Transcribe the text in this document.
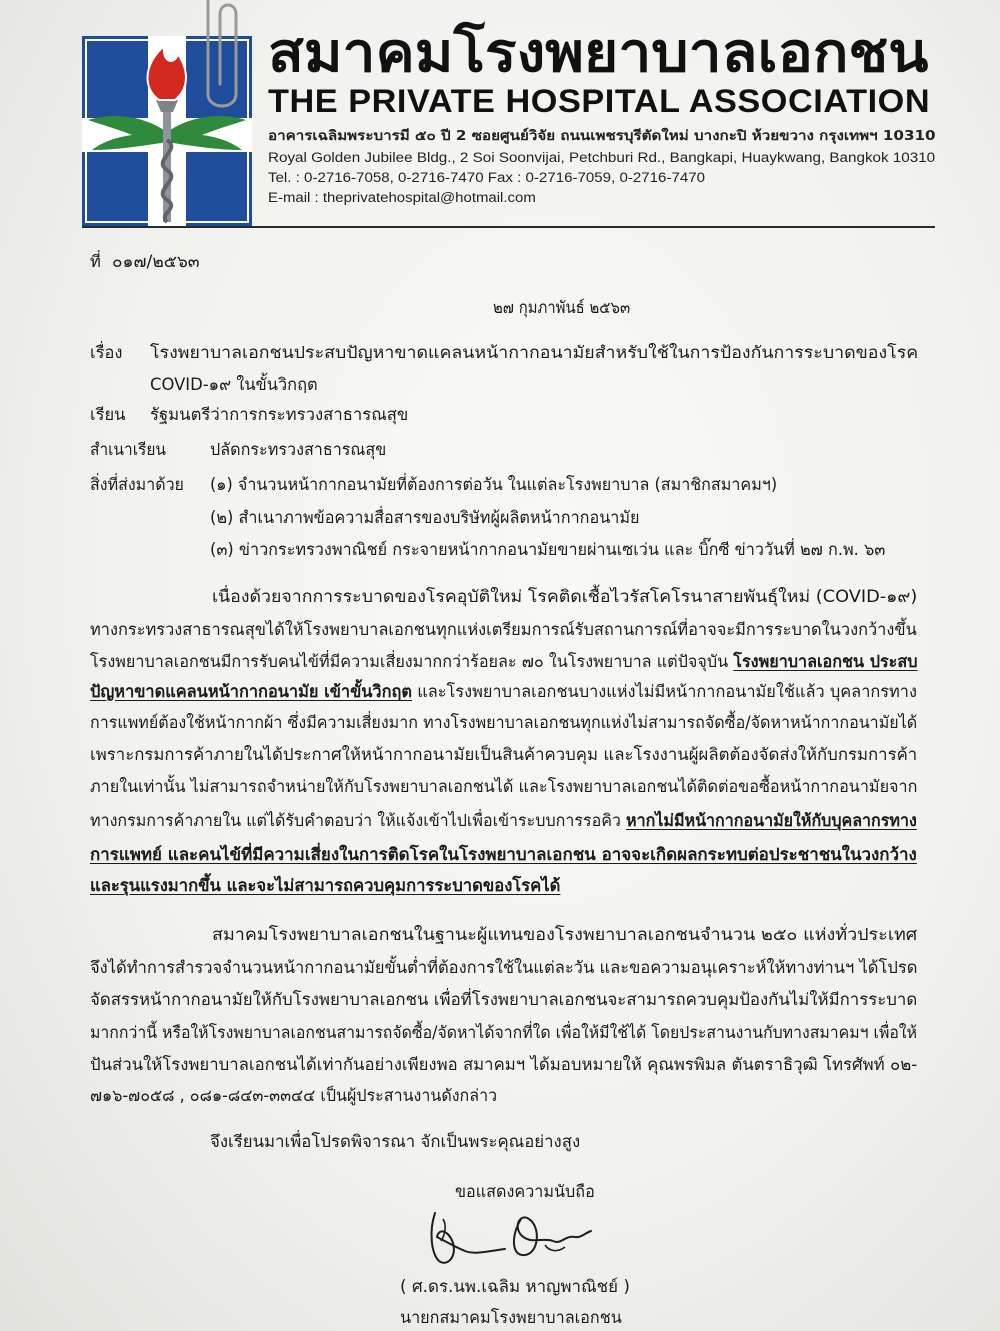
สมาคมโรงพยาบาลเอกชน
THE PRIVATE HOSPITAL ASSOCIATION
อาคารเฉลิมพระบารมี ๕๐ ปี 2 ซอยศูนย์วิจัย ถนนเพชรบุรีตัดใหม่ บางกะปิ ห้วยขวาง กรุงเทพฯ 10310
Royal Golden Jubilee Bldg., 2 Soi Soonvijai, Petchburi Rd., Bangkapi, Huaykwang, Bangkok 10310
Tel. : 0-2716-7058, 0-2716-7470 Fax : 0-2716-7059, 0-2716-7470
E-mail : theprivatehospital@hotmail.com
ที่ ๐๑๗/๒๕๖๓
๒๗ กุมภาพันธ์ ๒๕๖๓
เรื่อง	โรงพยาบาลเอกชนประสบปัญหาขาดแคลนหน้ากากอนามัยสำหรับใช้ในการป้องกันการระบาดของโรค
COVID-๑๙ ในขั้นวิกฤต
เรียน รัฐมนตรีว่าการกระทรวงสาธารณสุข
สำเนาเรียน	ปลัดกระทรวงสาธารณสุข
สิ่งที่ส่งมาด้วย (๑) จำนวนหน้ากากอนามัยที่ต้องการต่อวัน ในแต่ละโรงพยาบาล (สมาชิกสมาคมฯ)
(๒) สำเนาภาพข้อความสื่อสารของบริษัทผู้ผลิตหน้ากากอนามัย
(๓) ข่าวกระทรวงพาณิชย์ กระจายหน้ากากอนามัยขายผ่านเซเว่น และ บิ๊กซี ข่าววันที่ ๒๗ ก.พ. ๖๓
เนื่องด้วยจากการระบาดของโรคอุบัติใหม่ โรคติดเชื้อไวรัสโคโรนาสายพันธุ์ใหม่ (COVID-๑๙)
ทางกระทรวงสาธารณสุขได้ให้โรงพยาบาลเอกชนทุกแห่งเตรียมการณ์รับสถานการณ์ที่อาจจะมีการระบาดในวงกว้างขึ้น
โรงพยาบาลเอกชนมีการรับคนไข้ที่มีความเสี่ยงมากกว่าร้อยละ ๗๐ ในโรงพยาบาล แต่ปัจจุบัน โรงพยาบาลเอกชน ประสบ
ปัญหาขาดแคลนหน้ากากอนามัย เข้าขั้นวิกฤต และโรงพยาบาลเอกชนบางแห่งไม่มีหน้ากากอนามัยใช้แล้ว บุคลากรทาง
การแพทย์ต้องใช้หน้ากากผ้า ซึ่งมีความเสี่ยงมาก ทางโรงพยาบาลเอกชนทุกแห่งไม่สามารถจัดซื้อ/จัดหาหน้ากากอนามัยได้
เพราะกรมการค้าภายในได้ประกาศให้หน้ากากอนามัยเป็นสินค้าควบคุม และโรงงานผู้ผลิตต้องจัดส่งให้กับกรมการค้า
ภายในเท่านั้น ไม่สามารถจำหน่ายให้กับโรงพยาบาลเอกชนได้ และโรงพยาบาลเอกชนได้ติดต่อขอซื้อหน้ากากอนามัยจาก
ทางกรมการค้าภายใน แต่ได้รับคำตอบว่า ให้แจ้งเข้าไปเพื่อเข้าระบบการรอคิว หากไม่มีหน้ากากอนามัยให้กับบุคลากรทาง
การแพทย์ และคนไข้ที่มีความเสี่ยงในการติดโรคในโรงพยาบาลเอกชน อาจจะเกิดผลกระทบต่อประชาชนในวงกว้าง
และรุนแรงมากขึ้น และจะไม่สามารถควบคุมการระบาดของโรคได้
สมาคมโรงพยาบาลเอกชนในฐานะผู้แทนของโรงพยาบาลเอกชนจำนวน ๒๕๐ แห่งทั่วประเทศ
จึงได้ทำการสำรวจจำนวนหน้ากากอนามัยขั้นต่ำที่ต้องการใช้ในแต่ละวัน และขอความอนุเคราะห์ให้ทางท่านฯ ได้โปรด
จัดสรรหน้ากากอนามัยให้กับโรงพยาบาลเอกชน เพื่อที่โรงพยาบาลเอกชนจะสามารถควบคุมป้องกันไม่ให้มีการระบาด
มากกว่านี้ หรือให้โรงพยาบาลเอกชนสามารถจัดซื้อ/จัดหาได้จากที่ใด เพื่อให้มีใช้ได้ โดยประสานงานกับทางสมาคมฯ เพื่อให้
ปันส่วนให้โรงพยาบาลเอกชนได้เท่ากันอย่างเพียงพอ สมาคมฯ ได้มอบหมายให้ คุณพรพิมล ตันตราธิวุฒิ โทรศัพท์ ๐๒-
๗๑๖-๗๐๕๘ , ๐๘๑-๘๔๓-๓๓๔๔ เป็นผู้ประสานงานดังกล่าว
จึงเรียนมาเพื่อโปรดพิจารณา จักเป็นพระคุณอย่างสูง
ขอแสดงความนับถือ
( ศ.ดร.นพ.เฉลิม หาญพาณิชย์ )
นายกสมาคมโรงพยาบาลเอกชน
